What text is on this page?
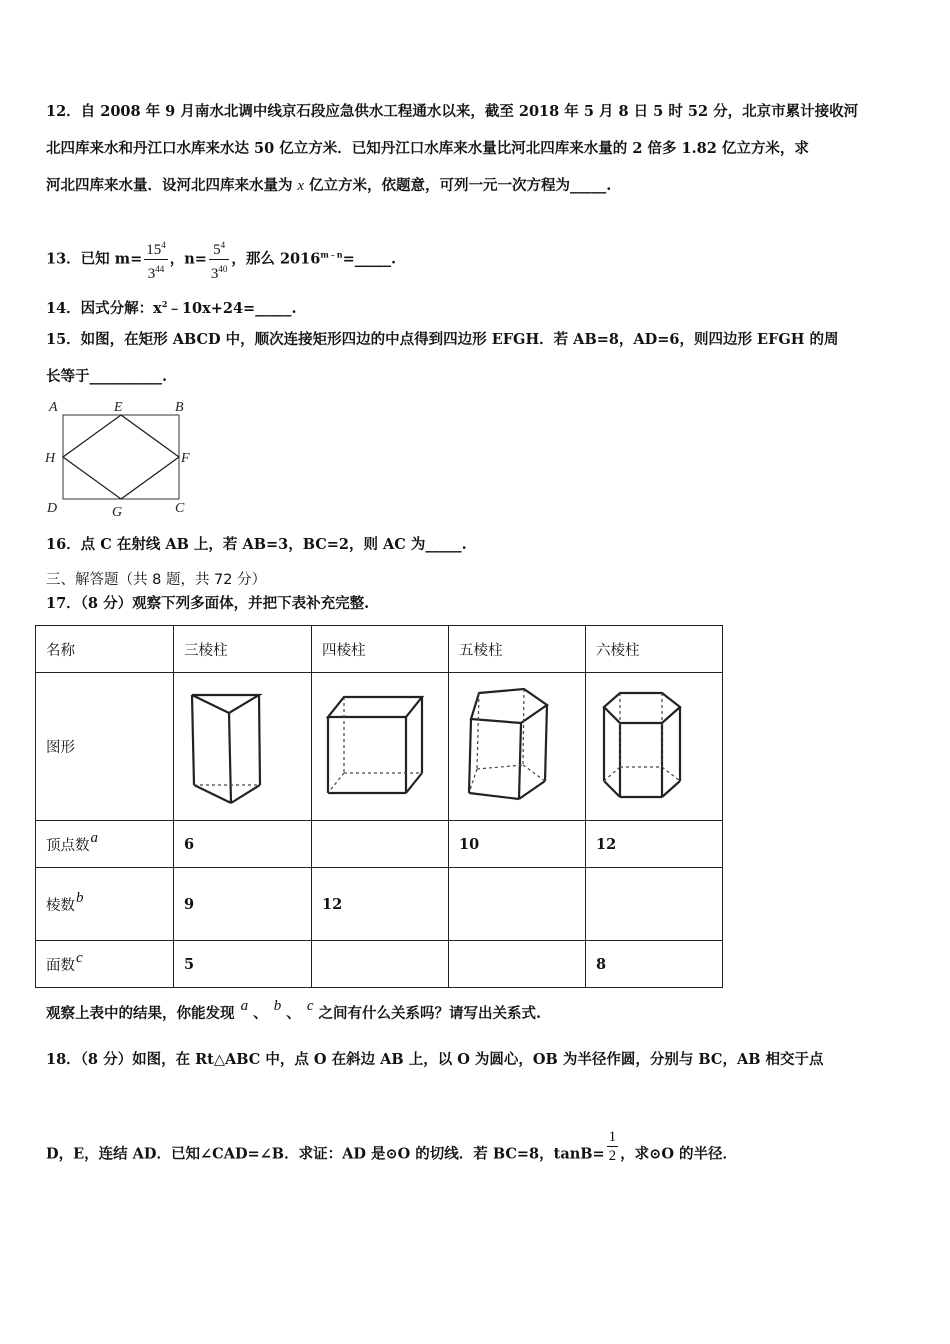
12．自 2008 年 9 月南水北调中线京石段应急供水工程通水以来，截至 2018 年 5 月 8 日 5 时 52 分，北京市累计接收河
北四库来水和丹江口水库来水达 50 亿立方米．已知丹江口水库来水量比河北四库来水量的 2 倍多 1.82 亿立方米，求
河北四库来水量．设河北四库来水量为 x 亿立方米，依题意，可列一元一次方程为_____.
13．已知 $m= \frac{15^4}{3^{44}}$ ，$n= \frac{5^4}{3^{40}}$ ，那么 $2016^{m﹣n}=\_\_\_\_\_$.
14．因式分解：$x^2﹣10x+24=\_\_\_\_\_$.
15．如图，在矩形 ABCD 中，顺次连接矩形四边的中点得到四边形 EFGH．若 AB=8，AD=6，则四边形 EFGH 的周
长等于__________.
A	E	B
H	F
D	G	C
16．点 C 在射线 AB 上，若 AB=3，BC=2，则 AC 为_____.
三、解答题（共 8 题，共 72 分）
17．（8 分）观察下列多面体，并把下表补充完整.
名称	三棱柱	四棱柱	五棱柱	六棱柱
图形				
顶点数a	6		10	12
棱数b	9	12		
面数c	5			8
观察上表中的结果，你能发现 a 、 b 、 c 之间有什么关系吗？请写出关系式.
18．（8 分）如图，在 Rt△ABC 中，点 O 在斜边 AB 上，以 O 为圆心，OB 为半径作圆，分别与 BC，AB 相交于点
D，E，连结 AD．已知∠CAD=∠B．求证：AD 是⊙O 的切线．若 BC=8，$\tan B= \frac{1}{2}$ ，求⊙O 的半径．
